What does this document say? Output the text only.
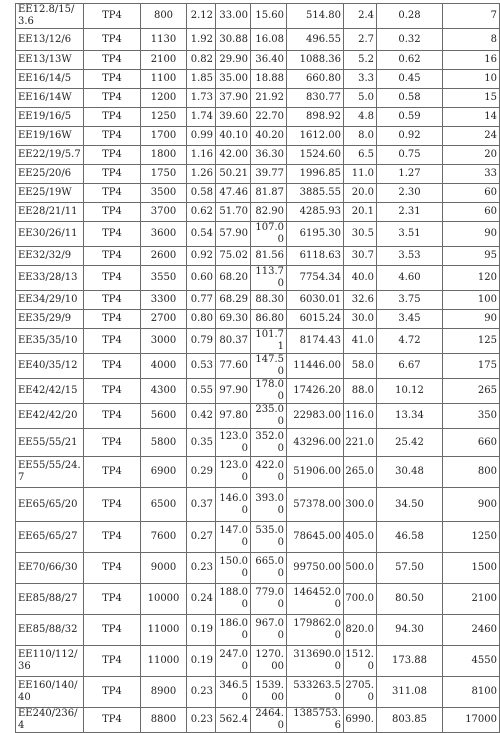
EE12.8/15/3.6	TP4	800	2.12	33.00	15.60	514.80	2.4	0.28	7
EE13/12/6	TP4	1130	1.92	30.88	16.08	496.55	2.7	0.32	8
EE13/13W	TP4	2100	0.82	29.90	36.40	1088.36	5.2	0.62	16
EE16/14/5	TP4	1100	1.85	35.00	18.88	660.80	3.3	0.45	10
EE16/14W	TP4	1200	1.73	37.90	21.92	830.77	5.0	0.58	15
EE19/16/5	TP4	1250	1.74	39.60	22.70	898.92	4.8	0.59	14
EE19/16W	TP4	1700	0.99	40.10	40.20	1612.00	8.0	0.92	24
EE22/19/5.7	TP4	1800	1.16	42.00	36.30	1524.60	6.5	0.75	20
EE25/20/6	TP4	1750	1.26	50.21	39.77	1996.85	11.0	1.27	33
EE25/19W	TP4	3500	0.58	47.46	81.87	3885.55	20.0	2.30	60
EE28/21/11	TP4	3700	0.62	51.70	82.90	4285.93	20.1	2.31	60
EE30/26/11	TP4	3600	0.54	57.90	107.00	6195.30	30.5	3.51	90
EE32/32/9	TP4	2600	0.92	75.02	81.56	6118.63	30.7	3.53	95
EE33/28/13	TP4	3550	0.60	68.20	113.70	7754.34	40.0	4.60	120
EE34/29/10	TP4	3300	0.77	68.29	88.30	6030.01	32.6	3.75	100
EE35/29/9	TP4	2700	0.80	69.30	86.80	6015.24	30.0	3.45	90
EE35/35/10	TP4	3000	0.79	80.37	101.71	8174.43	41.0	4.72	125
EE40/35/12	TP4	4000	0.53	77.60	147.50	11446.00	58.0	6.67	175
EE42/42/15	TP4	4300	0.55	97.90	178.00	17426.20	88.0	10.12	265
EE42/42/20	TP4	5600	0.42	97.80	235.00	22983.00	116.0	13.34	350
EE55/55/21	TP4	5800	0.35	123.00	352.00	43296.00	221.0	25.42	660
EE55/55/24.7	TP4	6900	0.29	123.00	422.00	51906.00	265.0	30.48	800
EE65/65/20	TP4	6500	0.37	146.00	393.00	57378.00	300.0	34.50	900
EE65/65/27	TP4	7600	0.27	147.00	535.00	78645.00	405.0	46.58	1250
EE70/66/30	TP4	9000	0.23	150.00	665.00	99750.00	500.0	57.50	1500
EE85/88/27	TP4	10000	0.24	188.00	779.00	146452.00	700.0	80.50	2100
EE85/88/32	TP4	11000	0.19	186.00	967.00	179862.00	820.0	94.30	2460
EE110/112/36	TP4	11000	0.19	247.00	1270.00	313690.00	1512.0	173.88	4550
EE160/140/40	TP4	8900	0.23	346.50	1539.00	533263.50	2705.0	311.08	8100
EE240/236/4	TP4	8800	0.23	562.4	2464.0	1385753.6	6990.	803.85	17000
